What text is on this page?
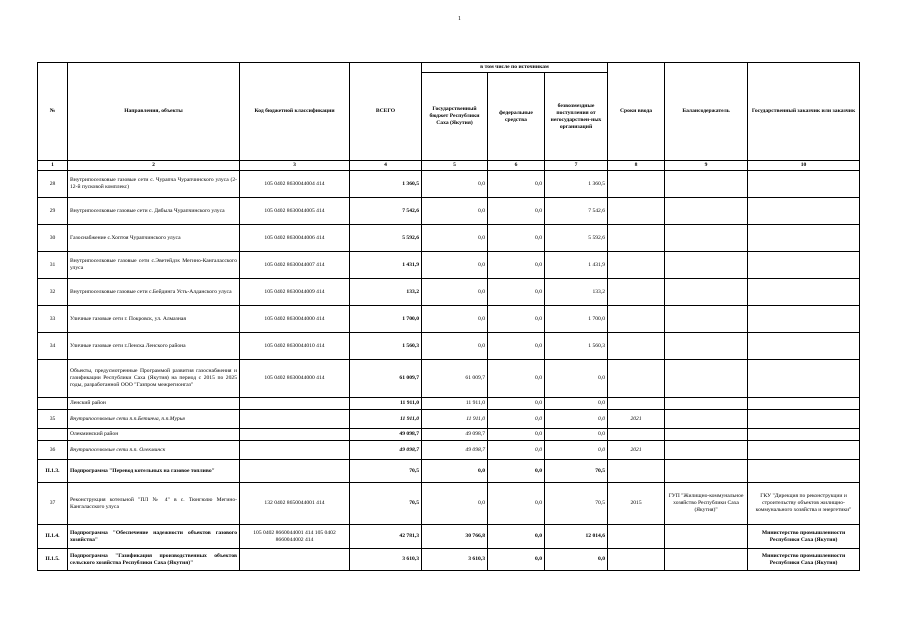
1
№	Направления, объекты	Код бюджетной классификации	ВСЕГО	в том числе по источникам			Сроки ввода	Балансодержатель	Государственный заказчик или заказчик
				Государственный бюджет Республики Саха (Якутия)	федеральные средства	безвозмездные поступления от негосударствен-ных организаций			
1	2	3	4	5	6	7	8	9	10
28	Внутрипоселковые газовые сети с. Чурапча Чурапчинского улуса (2-12-й пусковой комплекс)	105 0402 8630044004 414	1 360,5	0,0	0,0	1 360,5			
29	Внутрипоселковые газовые сети с. Дябыла Чурапчинского улуса	105 0402 8630044005 414	7 542,6	0,0	0,0	7 542,6			
30	Газоснабжение с.Хоптоя Чурапчинского улуса	105 0402 8630044006 414	5 592,6	0,0	0,0	5 592,6			
31	Внутрипоселковые газовые сети с.Эветейдэх Мегино-Кангаласского улуса	105 0402 8630044007 414	1 431,9	0,0	0,0	1 431,9			
32	Внутрипоселковые газовые сети с.Бейдинга Усть-Алданского улуса	105 0402 8630044009 414	133,2	0,0	0,0	133,2			
33	Уличные газовые сети г. Покровск, ул. Алмазная	105 0402 8630044000 414	1 700,0	0,0	0,0	1 700,0			
34	Уличные газовые сети г.Ленска Ленского района	105 0402 8630044010 414	1 560,3	0,0	0,0	1 560,3			
	Объекты, предусмотренные Программой развития газоснабжения и газификации Республики Саха (Якутия) на период с 2015 по 2025 годы, разработанной ООО "Газпром межрегионгаз"	105 0402 8630044000 414	61 009,7	61 009,7	0,0	0,0			
	Ленский район		11 911,0	11 911,0	0,0	0,0			
35	Внутрипоселковые сети п.п.Бетинча, п.п.Мурья		11 911,0	11 911,0	0,0	0,0	2021		
	Олекминский район		49 098,7	49 098,7	0,0	0,0			
36	Внутрипоселковые сети п.п. Олекминск		49 098,7	49 098,7	0,0	0,0	2021		
II.1.3.	Подпрограмма "Перевод котельных на газовое топливо"		70,5	0,0	0,0	70,5			
37	Реконструкция котельной "ПЛ № 4" в с. Тюнгюлю Мегино-Кангаласского улуса	132 0402 8650044001 414	70,5	0,0	0,0	70,5	2015	ГУП "Жилищно-коммунальное хозяйство Республики Саха (Якутия)"	ГКУ "Дирекция по реконструкции и строительству объектов жилищно-коммунального хозяйства и энергетики"
II.1.4.	Подпрограмма "Обеспечение надежности объектов газового хозяйства"	105 0402 8660044001 414 105 0402 8660044002 414	42 781,3	30 766,8	0,0	12 014,6			Министерство промышленности Республики Саха (Якутия)
II.1.5.	Подпрограмма "Газификация производственных объектов сельского хозяйства Республики Саха (Якутия)"		3 610,3	3 610,3	0,0	0,0			Министерство промышленности Республики Саха (Якутия)
